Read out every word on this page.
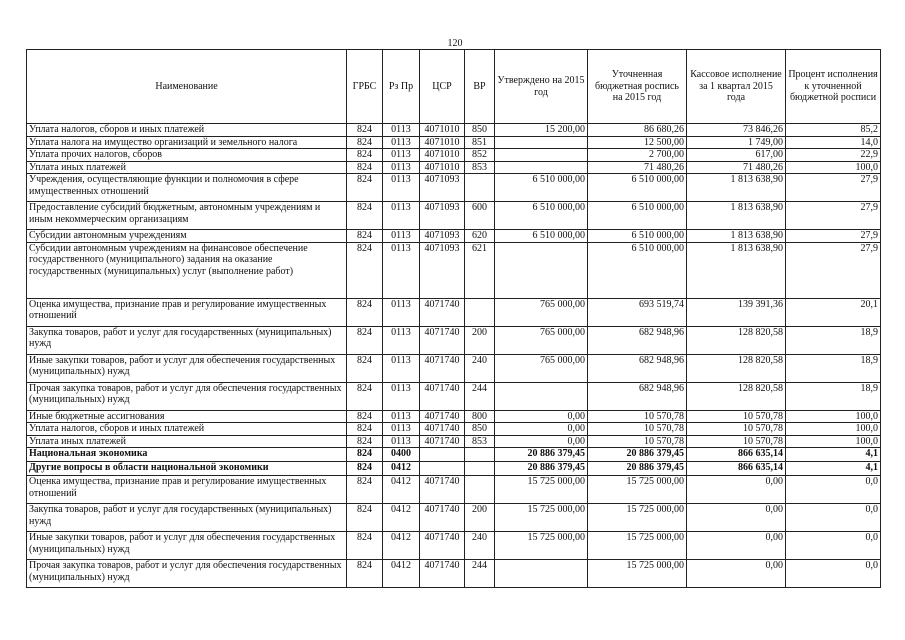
120
Наименование	ГРБС	Рз Пр	ЦСР	ВР	Утверждено на 2015 год	Уточненная бюджетная роспись на 2015 год	Кассовое исполнение за 1 квартал 2015 года	Процент исполнения к уточненной бюджетной росписи
Уплата налогов, сборов и иных платежей	824	0113	4071010	850	15 200,00	86 680,26	73 846,26	85,2
Уплата налога на имущество организаций и земельного налога	824	0113	4071010	851		12 500,00	1 749,00	14,0
Уплата прочих налогов, сборов	824	0113	4071010	852		2 700,00	617,00	22,9
Уплата иных платежей	824	0113	4071010	853		71 480,26	71 480,26	100,0
Учреждения, осуществляющие функции и полномочия в сфере имущественных отношений	824	0113	4071093		6 510 000,00	6 510 000,00	1 813 638,90	27,9
Предоставление субсидий бюджетным, автономным учреждениям и иным некоммерческим организациям	824	0113	4071093	600	6 510 000,00	6 510 000,00	1 813 638,90	27,9
Субсидии автономным учреждениям	824	0113	4071093	620	6 510 000,00	6 510 000,00	1 813 638,90	27,9
Субсидии автономным учреждениям на финансовое обеспечение государственного (муниципального) задания на оказание государственных (муниципальных) услуг (выполнение работ)	824	0113	4071093	621		6 510 000,00	1 813 638,90	27,9
Оценка имущества, признание прав и регулирование имущественных отношений	824	0113	4071740		765 000,00	693 519,74	139 391,36	20,1
Закупка товаров, работ и услуг для государственных (муниципальных) нужд	824	0113	4071740	200	765 000,00	682 948,96	128 820,58	18,9
Иные закупки товаров, работ и услуг для обеспечения государственных (муниципальных) нужд	824	0113	4071740	240	765 000,00	682 948,96	128 820,58	18,9
Прочая закупка товаров, работ и услуг для обеспечения государственных (муниципальных) нужд	824	0113	4071740	244		682 948,96	128 820,58	18,9
Иные бюджетные ассигнования	824	0113	4071740	800	0,00	10 570,78	10 570,78	100,0
Уплата налогов, сборов и иных платежей	824	0113	4071740	850	0,00	10 570,78	10 570,78	100,0
Уплата иных платежей	824	0113	4071740	853	0,00	10 570,78	10 570,78	100,0
Национальная экономика	824	0400			20 886 379,45	20 886 379,45	866 635,14	4,1
Другие вопросы в области национальной экономики	824	0412			20 886 379,45	20 886 379,45	866 635,14	4,1
Оценка имущества, признание прав и регулирование имущественных отношений	824	0412	4071740		15 725 000,00	15 725 000,00	0,00	0,0
Закупка товаров, работ и услуг для государственных (муниципальных) нужд	824	0412	4071740	200	15 725 000,00	15 725 000,00	0,00	0,0
Иные закупки товаров, работ и услуг для обеспечения государственных (муниципальных) нужд	824	0412	4071740	240	15 725 000,00	15 725 000,00	0,00	0,0
Прочая закупка товаров, работ и услуг для обеспечения государственных (муниципальных) нужд	824	0412	4071740	244		15 725 000,00	0,00	0,0
